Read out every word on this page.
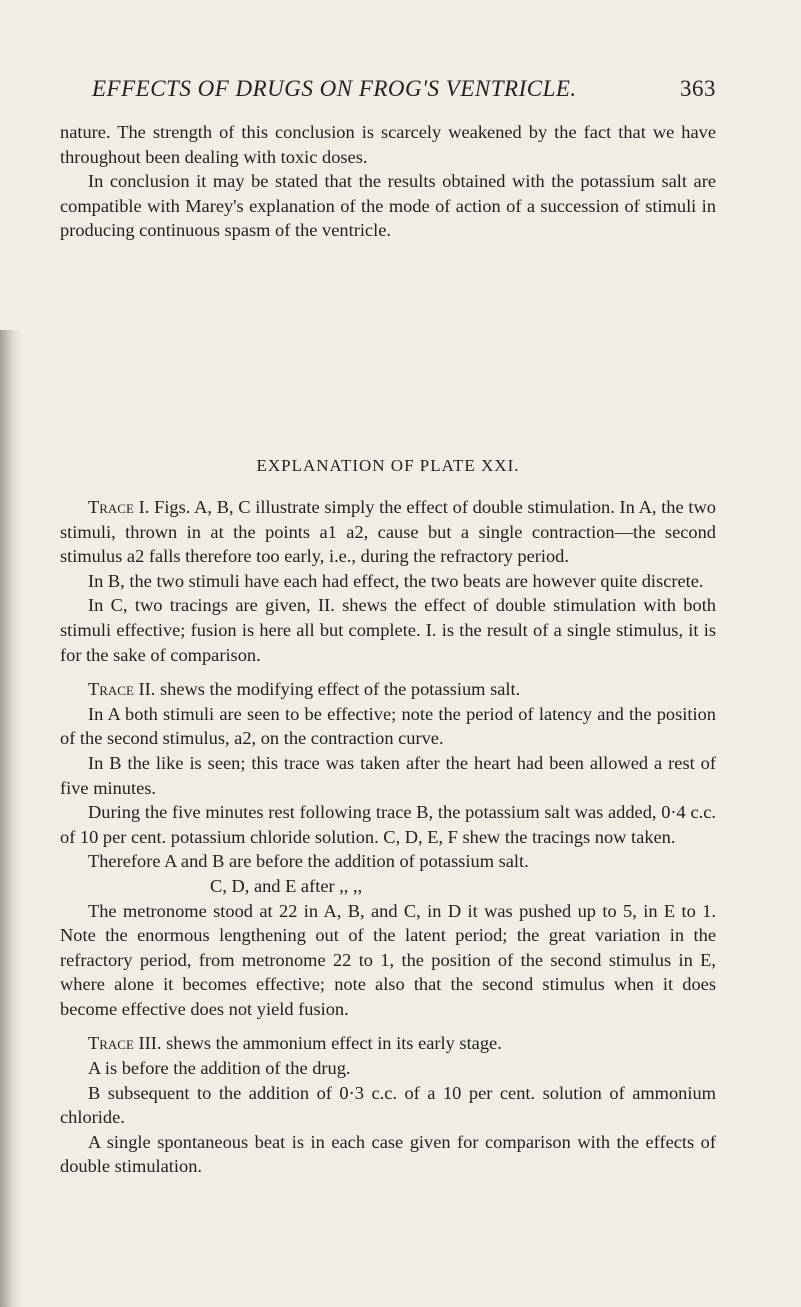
EFFECTS OF DRUGS ON FROG'S VENTRICLE.	363

nature. The strength of this conclusion is scarcely weakened by the fact that we have throughout been dealing with toxic doses.

In conclusion it may be stated that the results obtained with the potassium salt are compatible with Marey's explanation of the mode of action of a succession of stimuli in producing continuous spasm of the ventricle.

EXPLANATION OF PLATE XXI.

Trace I. Figs. A, B, C illustrate simply the effect of double stimulation. In A, the two stimuli, thrown in at the points a1 a2, cause but a single contraction—the second stimulus a2 falls therefore too early, i.e., during the refractory period.

In B, the two stimuli have each had effect, the two beats are however quite discrete.

In C, two tracings are given, II. shews the effect of double stimulation with both stimuli effective; fusion is here all but complete. I. is the result of a single stimulus, it is for the sake of comparison.

Trace II. shews the modifying effect of the potassium salt.

In A both stimuli are seen to be effective; note the period of latency and the position of the second stimulus, a2, on the contraction curve.

In B the like is seen; this trace was taken after the heart had been allowed a rest of five minutes.

During the five minutes rest following trace B, the potassium salt was added, 0·4 c.c. of 10 per cent. potassium chloride solution. C, D, E, F shew the tracings now taken.

Therefore A and B are before the addition of potassium salt.

C, D, and E after ,, ,,

The metronome stood at 22 in A, B, and C, in D it was pushed up to 5, in E to 1. Note the enormous lengthening out of the latent period; the great variation in the refractory period, from metronome 22 to 1, the position of the second stimulus in E, where alone it becomes effective; note also that the second stimulus when it does become effective does not yield fusion.

Trace III. shews the ammonium effect in its early stage.

A is before the addition of the drug.

B subsequent to the addition of 0·3 c.c. of a 10 per cent. solution of ammonium chloride.

A single spontaneous beat is in each case given for comparison with the effects of double stimulation.
